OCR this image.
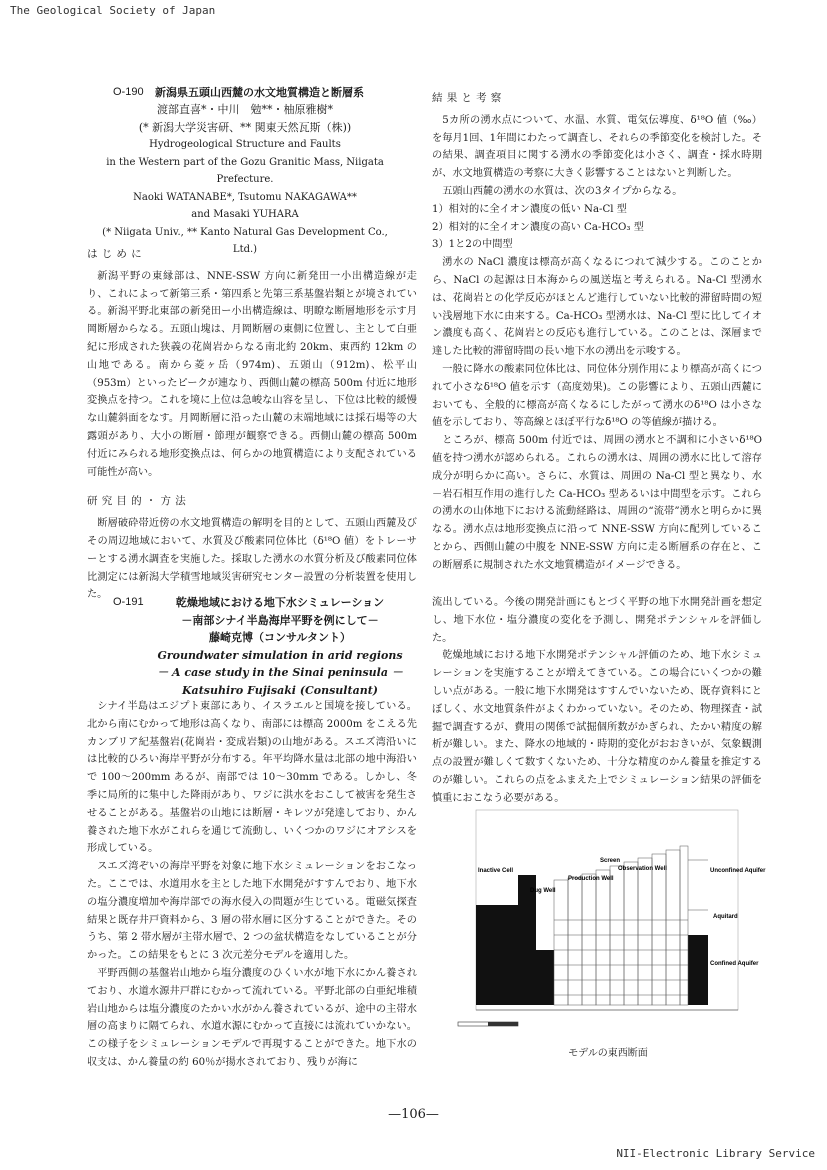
The Geological Society of Japan
O-190 新潟県五頭山西麓の水文地質構造と断層系
渡部直喜*・中川　勉**・柚原雅樹*
(* 新潟大学災害研、** 関東天然瓦斯（株))
Hydrogeological Structure and Faults
in the Western part of the Gozu Granitic Mass, Niigata Prefecture.
Naoki WATANABE*, Tsutomu NAKAGAWA**
and Masaki YUHARA
(* Niigata Univ., ** Kanto Natural Gas Development Co., Ltd.)

はじめに

新潟平野の東縁部は、NNE-SSW 方向に新発田一小出構造線が走り、これによって新第三系・第四系と先第三系基盤岩類とが境されている。新潟平野北東部の新発田ー小出構造線は、明瞭な断層地形を示す月岡断層からなる。五頭山塊は、月岡断層の東側に位置し、主として白亜紀に形成された狭義の花崗岩からなる南北約 20km、東西約 12km の山地である。南から菱ヶ岳（974m)、五頭山（912m)、松平山（953m）といったピークが連なり、西側山麓の標高 500m 付近に地形変換点を持つ。これを境に上位は急峻な山容を呈し、下位は比較的緩慢な山麓斜面をなす。月岡断層に沿った山麓の末端地域には採石場等の大露頭があり、大小の断層・節理が観察できる。西側山麓の標高 500m 付近にみられる地形変換点は、何らかの地質構造により支配されている可能性が高い。

研究目的・方法

断層破砕帯近傍の水文地質構造の解明を目的として、五頭山西麓及びその周辺地域において、水質及び酸素同位体比（δ¹⁸O 値）をトレーサーとする湧水調査を実施した。採取した湧水の水質分析及び酸素同位体比測定には新潟大学積雪地域災害研究センター設置の分析装置を使用した。

結果と考察

5カ所の湧水点について、水温、水質、電気伝導度、δ¹⁸O 値（‰）を毎月1回、1年間にわたって調査し、それらの季節変化を検討した。その結果、調査項目に関する湧水の季節変化は小さく、調査・採水時期が、水文地質構造の考察に大きく影響することはないと判断した。

五頭山西麓の湧水の水質は、次の3タイプからなる。

1）相対的に全イオン濃度の低い Na-Cl 型

2）相対的に全イオン濃度の高い Ca-HCO₃ 型

3）1と2の中間型

湧水の NaCl 濃度は標高が高くなるにつれて減少する。このことから、NaCl の起源は日本海からの風送塩と考えられる。Na-Cl 型湧水は、花崗岩との化学反応がほとんど進行していない比較的滞留時間の短い浅層地下水に由来する。Ca-HCO₃ 型湧水は、Na-Cl 型に比してイオン濃度も高く、花崗岩との反応も進行している。このことは、深層まで達した比較的滞留時間の長い地下水の湧出を示唆する。

一般に降水の酸素同位体比は、同位体分別作用により標高が高くにつれて小さなδ¹⁸O 値を示す（高度効果)。この影響により、五頭山西麓においても、全般的に標高が高くなるにしたがって湧水のδ¹⁸O は小さな値を示しており、等高線とほぼ平行なδ¹⁸O の等値線が描ける。

ところが、標高 500m 付近では、周囲の湧水と不調和に小さいδ¹⁸O 値を持つ湧水が認められる。これらの湧水は、周囲の湧水に比して溶存成分が明らかに高い。さらに、水質は、周囲の Na-Cl 型と異なり、水－岩石相互作用の進行した Ca-HCO₃ 型あるいは中間型を示す。これらの湧水の山体地下における流動経路は、周囲の“流帯”湧水と明らかに異なる。湧水点は地形変換点に沿って NNE-SSW 方向に配列していることから、西側山麓の中腹を NNE-SSW 方向に走る断層系の存在と、この断層系に規制された水文地質構造がイメージできる。

O-191	乾燥地域における地下水シミュレーション
－南部シナイ半島海岸平野を例にして－
藤崎克博（コンサルタント）
Groundwater simulation in arid regions
－ A case study in the Sinai peninsula －
Katsuhiro Fujisaki (Consultant)

シナイ半島はエジプト東部にあり、イスラエルと国境を接している。北から南にむかって地形は高くなり、南部には標高 2000m をこえる先カンブリア紀基盤岩(花崗岩・変成岩類)の山地がある。スエズ湾沿いには比較的ひろい海岸平野が分布する。年平均降水量は北部の地中海沿いで 100～200mm あるが、南部では 10～30mm である。しかし、冬季に局所的に集中した降雨があり、ワジに洪水をおこして被害を発生させることがある。基盤岩の山地には断層・キレツが発達しており、かん養された地下水がこれらを通じて流動し、いくつかのワジにオアシスを形成している。

スエズ湾ぞいの海岸平野を対象に地下水シミュレーションをおこなった。ここでは、水道用水を主とした地下水開発がすすんでおり、地下水の塩分濃度増加や海岸部での海水侵入の問題が生じている。電磁気探査結果と既存井戸資料から、3 層の帯水層に区分することができた。そのうち、第 2 帯水層が主帯水層で、2 つの盆状構造をなしていることが分かった。この結果をもとに 3 次元差分モデルを適用した。

平野西側の基盤岩山地から塩分濃度のひくい水が地下水にかん養されており、水道水源井戸群にむかって流れている。平野北部の白亜紀堆積岩山地からは塩分濃度のたかい水がかん養されているが、途中の主帯水層の高まりに隔てられ、水道水源にむかって直接には流れていかない。この様子をシミュレーションモデルで再現することができた。地下水の収支は、かん養量の約 60％が揚水されており、残りが海に

流出している。今後の開発計画にもとづく平野の地下水開発計画を想定し、地下水位・塩分濃度の変化を予測し、開発ポテンシャルを評価した。

乾燥地域における地下水開発ポテンシャル評価のため、地下水シミュレーションを実施することが増えてきている。この場合にいくつかの難しい点がある。一般に地下水開発はすすんでいないため、既存資料にとぼしく、水文地質条件がよくわかっていない。そのため、物理探査・試掘で調査するが、費用の関係で試掘個所数がかぎられ、たかい精度の解析が難しい。また、降水の地域的・時期的変化がおおきいが、気象観測点の設置が難しくて数すくないため、十分な精度のかん養量を推定するのが難しい。これらの点をふまえた上でシミュレーション結果の評価を慎重におこなう必要がある。

Inactive Cell
Dug Well
Production Well
Screen
Observation Well	Unconfined Aquifer
Aquitard
Confined Aquifer
モデルの東西断面
—106—
NII-Electronic Library Service
